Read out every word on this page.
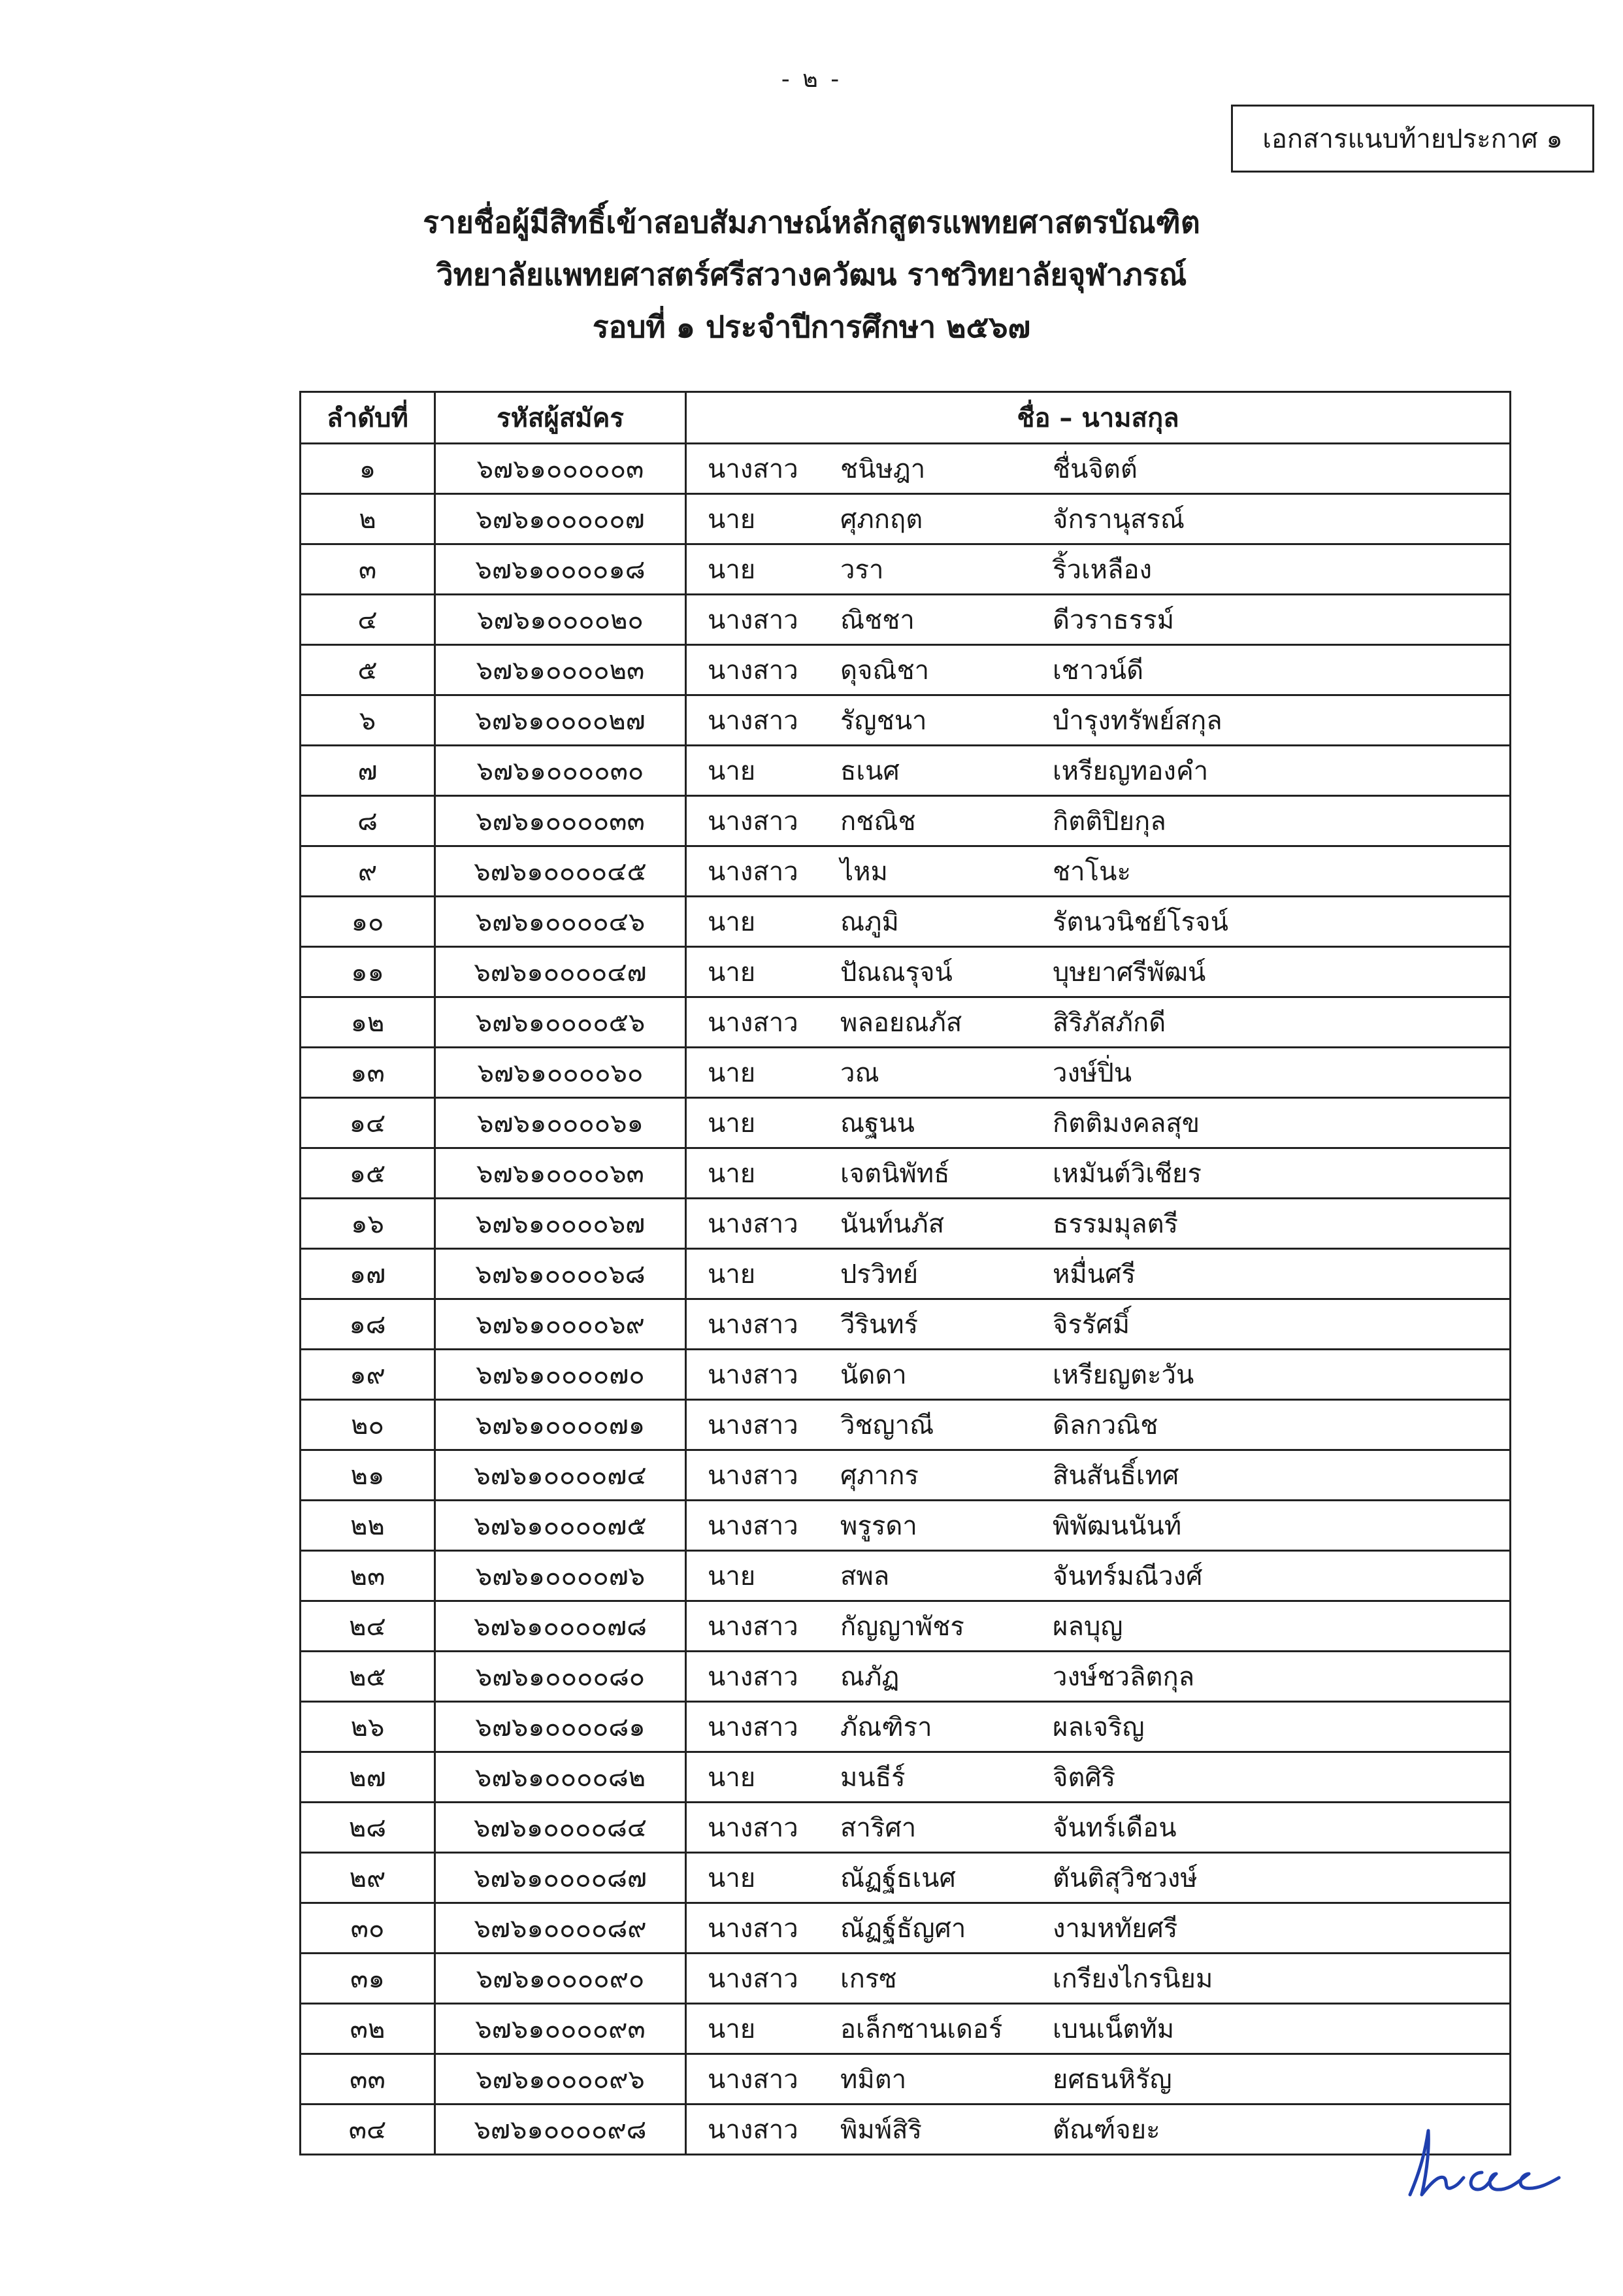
- ๒ -
เอกสารแนบท้ายประกาศ ๑
รายชื่อผู้มีสิทธิ์เข้าสอบสัมภาษณ์หลักสูตรแพทยศาสตรบัณฑิต
วิทยาลัยแพทยศาสตร์ศรีสวางควัฒน ราชวิทยาลัยจุฬาภรณ์
รอบที่ ๑ ประจำปีการศึกษา ๒๕๖๗
ลำดับที่	รหัสผู้สมัคร	ชื่อ – นามสกุล
๑	๖๗๖๑๐๐๐๐๐๓	นางสาว ชนิษฎา ชื่นจิตต์

๒	๖๗๖๑๐๐๐๐๐๗	นาย ศุภกฤต จักรานุสรณ์

๓	๖๗๖๑๐๐๐๐๑๘	นาย วรา ริ้วเหลือง

๔	๖๗๖๑๐๐๐๐๒๐	นางสาว ณิชชา ดีวราธรรม์

๕	๖๗๖๑๐๐๐๐๒๓	นางสาว ดุจณิชา เชาวน์ดี

๖	๖๗๖๑๐๐๐๐๒๗	นางสาว รัญชนา บำรุงทรัพย์สกุล

๗	๖๗๖๑๐๐๐๐๓๐	นาย ธเนศ เหรียญทองคำ

๘	๖๗๖๑๐๐๐๐๓๓	นางสาว กชณิช กิตติปิยกุล

๙	๖๗๖๑๐๐๐๐๔๕	นางสาว ไหม ชาโนะ

๑๐	๖๗๖๑๐๐๐๐๔๖	นาย ณภูมิ รัตนวนิชย์โรจน์

๑๑	๖๗๖๑๐๐๐๐๔๗	นาย ปัณณรุจน์ บุษยาศรีพัฒน์

๑๒	๖๗๖๑๐๐๐๐๕๖	นางสาว พลอยณภัส สิริภัสภักดี

๑๓	๖๗๖๑๐๐๐๐๖๐	นาย วณ วงษ์ปิ่น

๑๔	๖๗๖๑๐๐๐๐๖๑	นาย ณฐนน กิตติมงคลสุข

๑๕	๖๗๖๑๐๐๐๐๖๓	นาย เจตนิพัทธ์ เหมันต์วิเชียร

๑๖	๖๗๖๑๐๐๐๐๖๗	นางสาว นันท์นภัส ธรรมมุลตรี

๑๗	๖๗๖๑๐๐๐๐๖๘	นาย ปรวิทย์ หมื่นศรี

๑๘	๖๗๖๑๐๐๐๐๖๙	นางสาว วีรินทร์ จิรรัศมิ์

๑๙	๖๗๖๑๐๐๐๐๗๐	นางสาว นัดดา เหรียญตะวัน

๒๐	๖๗๖๑๐๐๐๐๗๑	นางสาว วิชญาณี ดิลกวณิช

๒๑	๖๗๖๑๐๐๐๐๗๔	นางสาว ศุภากร สินสันธิ์เทศ

๒๒	๖๗๖๑๐๐๐๐๗๕	นางสาว พรูรดา พิพัฒนนันท์

๒๓	๖๗๖๑๐๐๐๐๗๖	นาย สพล จันทร์มณีวงศ์

๒๔	๖๗๖๑๐๐๐๐๗๘	นางสาว กัญญาพัชร ผลบุญ

๒๕	๖๗๖๑๐๐๐๐๘๐	นางสาว ณภัฏ วงษ์ชวลิตกุล

๒๖	๖๗๖๑๐๐๐๐๘๑	นางสาว ภัณฑิรา ผลเจริญ

๒๗	๖๗๖๑๐๐๐๐๘๒	นาย มนธีร์ จิตศิริ

๒๘	๖๗๖๑๐๐๐๐๘๔	นางสาว สาริศา จันทร์เดือน

๒๙	๖๗๖๑๐๐๐๐๘๗	นาย ณัฏฐ์ธเนศ ตันติสุวิชวงษ์

๓๐	๖๗๖๑๐๐๐๐๘๙	นางสาว ณัฏฐ์ธัญศา งามหทัยศรี

๓๑	๖๗๖๑๐๐๐๐๙๐	นางสาว เกรซ เกรียงไกรนิยม

๓๒	๖๗๖๑๐๐๐๐๙๓	นาย อเล็กซานเดอร์ เบนเน็ตทัม

๓๓	๖๗๖๑๐๐๐๐๙๖	นางสาว ทมิตา ยศธนหิรัญ

๓๔	๖๗๖๑๐๐๐๐๙๘	นางสาว พิมพ์สิริ ตัณฑ์จยะ
